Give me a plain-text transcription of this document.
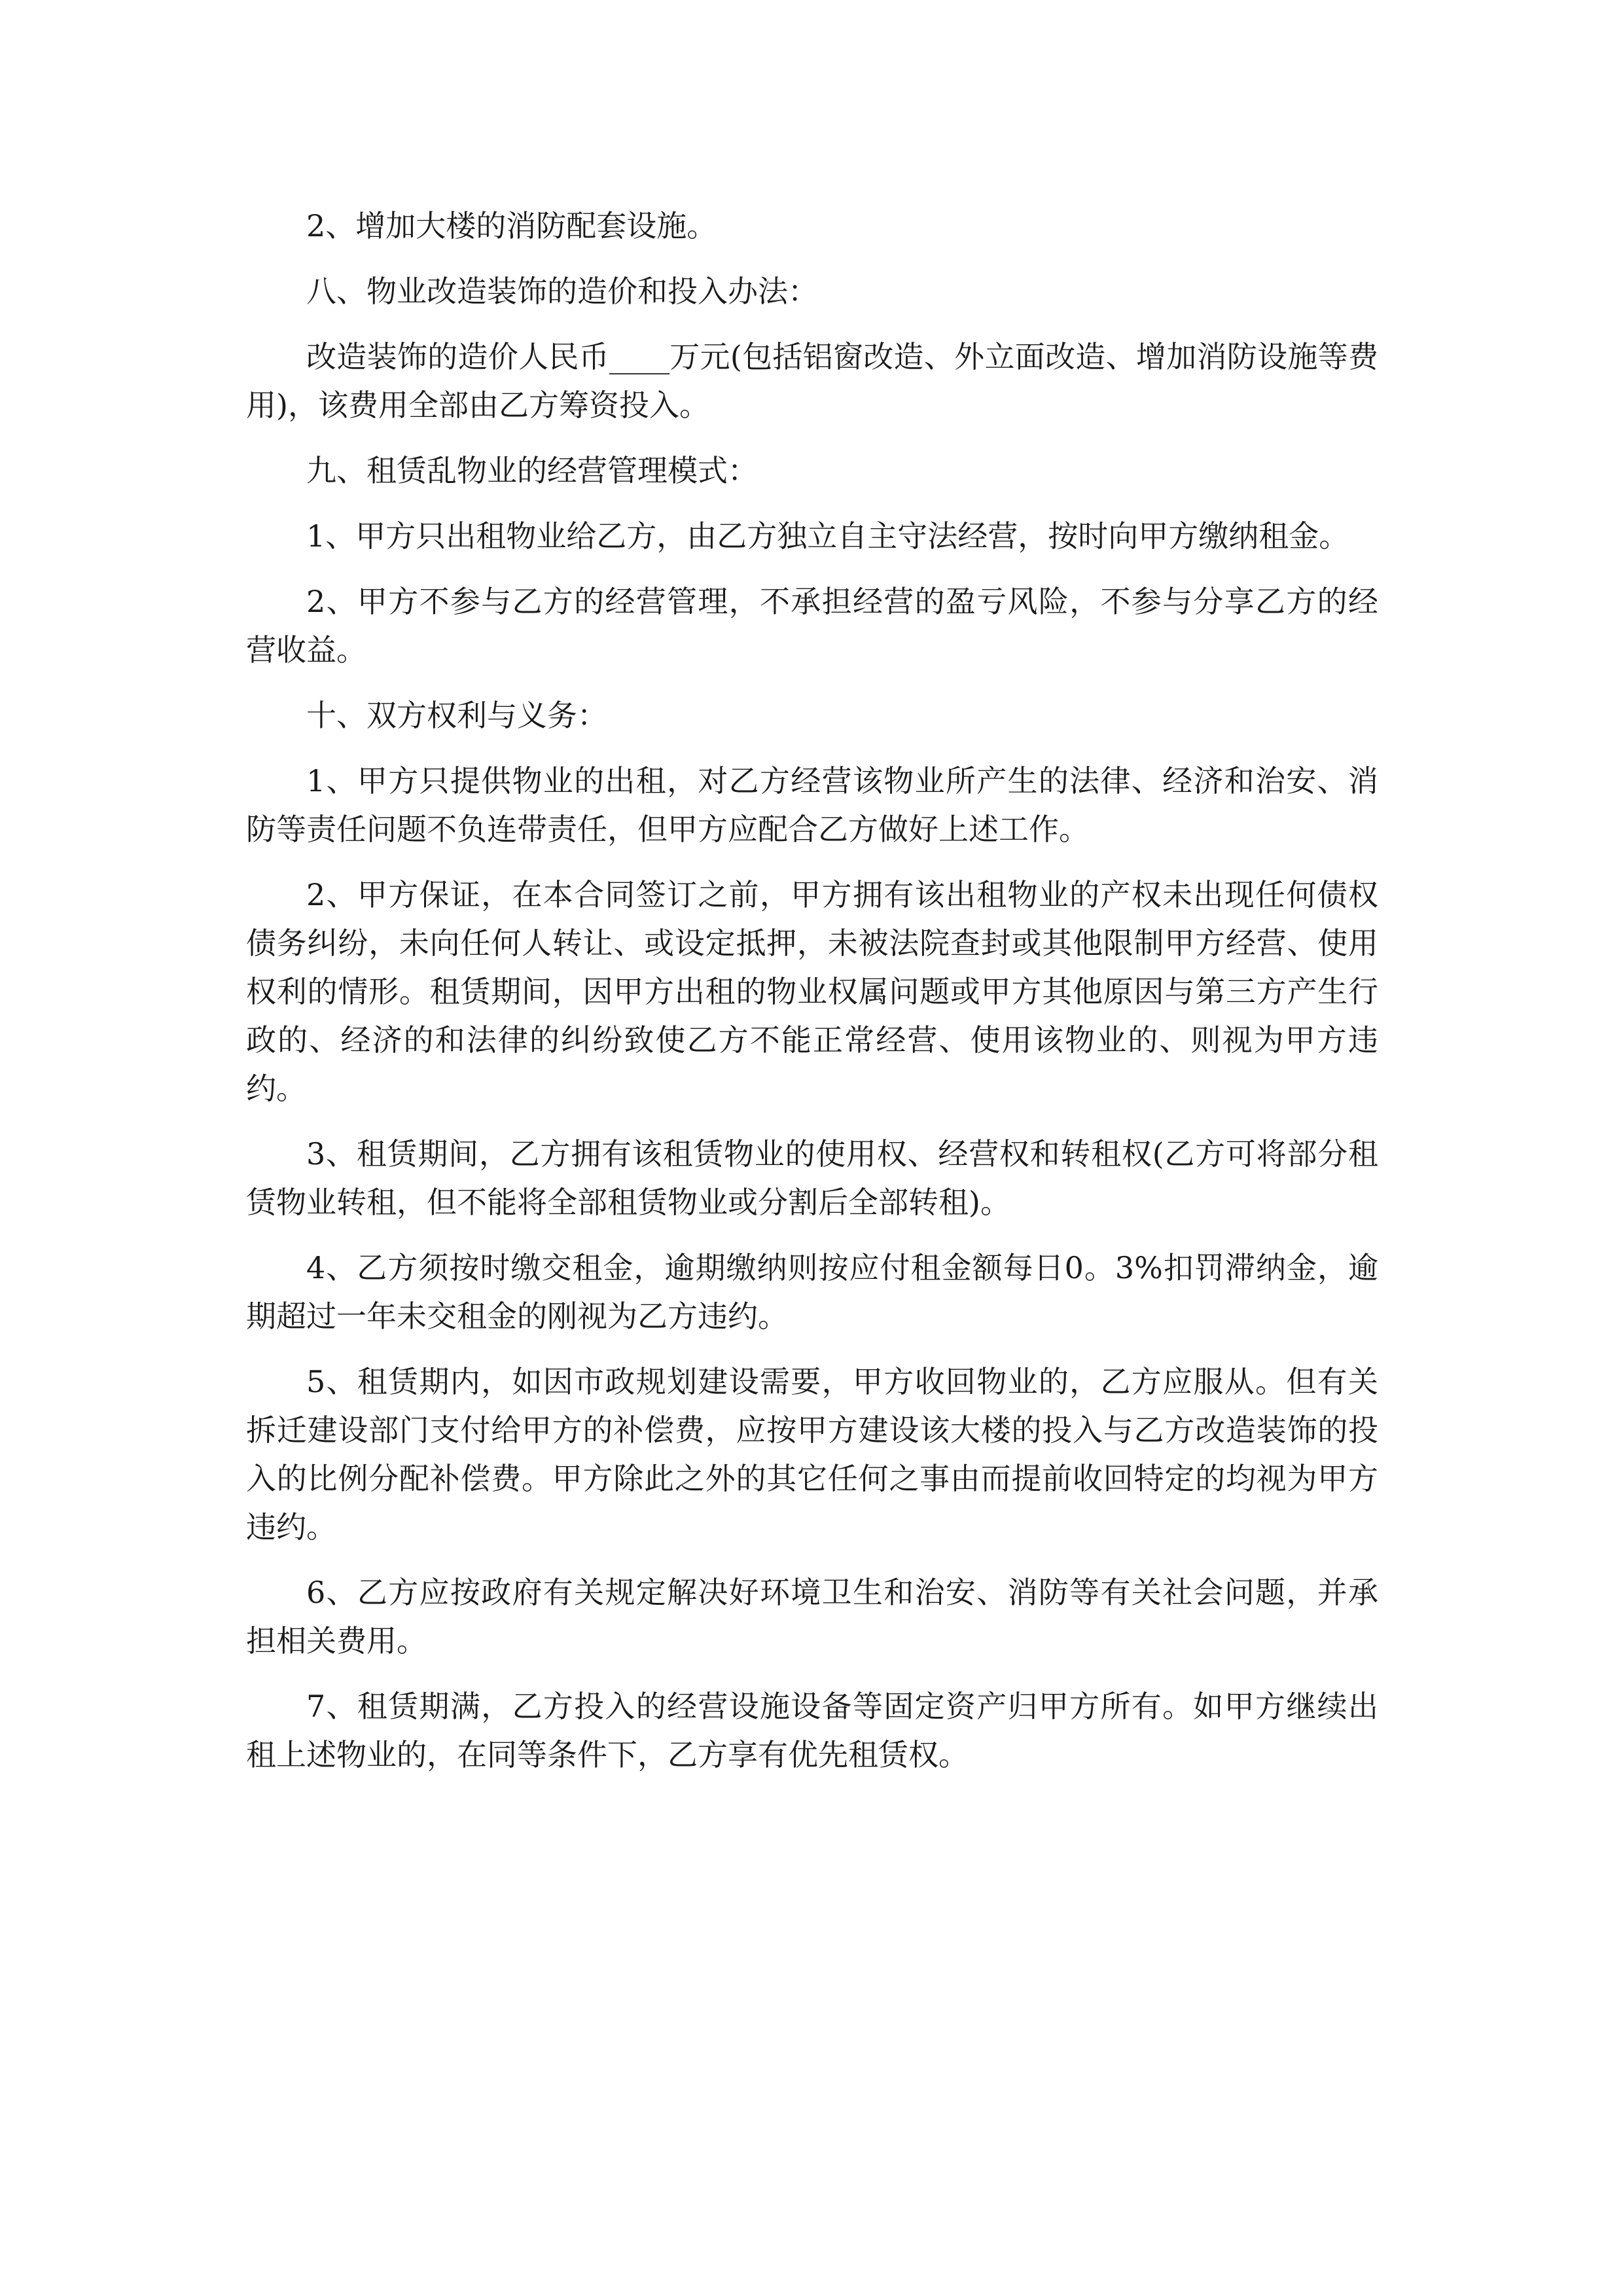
2、增加大楼的消防配套设施。

八、物业改造装饰的造价和投入办法：

改造装饰的造价人民币____万元(包括铝窗改造、外立面改造、增加消防设施等费用)，该费用全部由乙方筹资投入。

九、租赁乱物业的经营管理模式：

1、甲方只出租物业给乙方，由乙方独立自主守法经营，按时向甲方缴纳租金。

2、甲方不参与乙方的经营管理，不承担经营的盈亏风险，不参与分享乙方的经营收益。

十、双方权利与义务：

1、甲方只提供物业的出租，对乙方经营该物业所产生的法律、经济和治安、消防等责任问题不负连带责任，但甲方应配合乙方做好上述工作。

2、甲方保证，在本合同签订之前，甲方拥有该出租物业的产权未出现任何债权债务纠纷，未向任何人转让、或设定抵押，未被法院查封或其他限制甲方经营、使用权利的情形。租赁期间，因甲方出租的物业权属问题或甲方其他原因与第三方产生行政的、经济的和法律的纠纷致使乙方不能正常经营、使用该物业的、则视为甲方违约。

3、租赁期间，乙方拥有该租赁物业的使用权、经营权和转租权(乙方可将部分租赁物业转租，但不能将全部租赁物业或分割后全部转租)。

4、乙方须按时缴交租金，逾期缴纳则按应付租金额每日0。3%扣罚滞纳金，逾期超过一年未交租金的刚视为乙方违约。

5、租赁期内，如因市政规划建设需要，甲方收回物业的，乙方应服从。但有关拆迁建设部门支付给甲方的补偿费，应按甲方建设该大楼的投入与乙方改造装饰的投入的比例分配补偿费。甲方除此之外的其它任何之事由而提前收回特定的均视为甲方违约。

6、乙方应按政府有关规定解决好环境卫生和治安、消防等有关社会问题，并承担相关费用。

7、租赁期满，乙方投入的经营设施设备等固定资产归甲方所有。如甲方继续出租上述物业的，在同等条件下，乙方享有优先租赁权。
